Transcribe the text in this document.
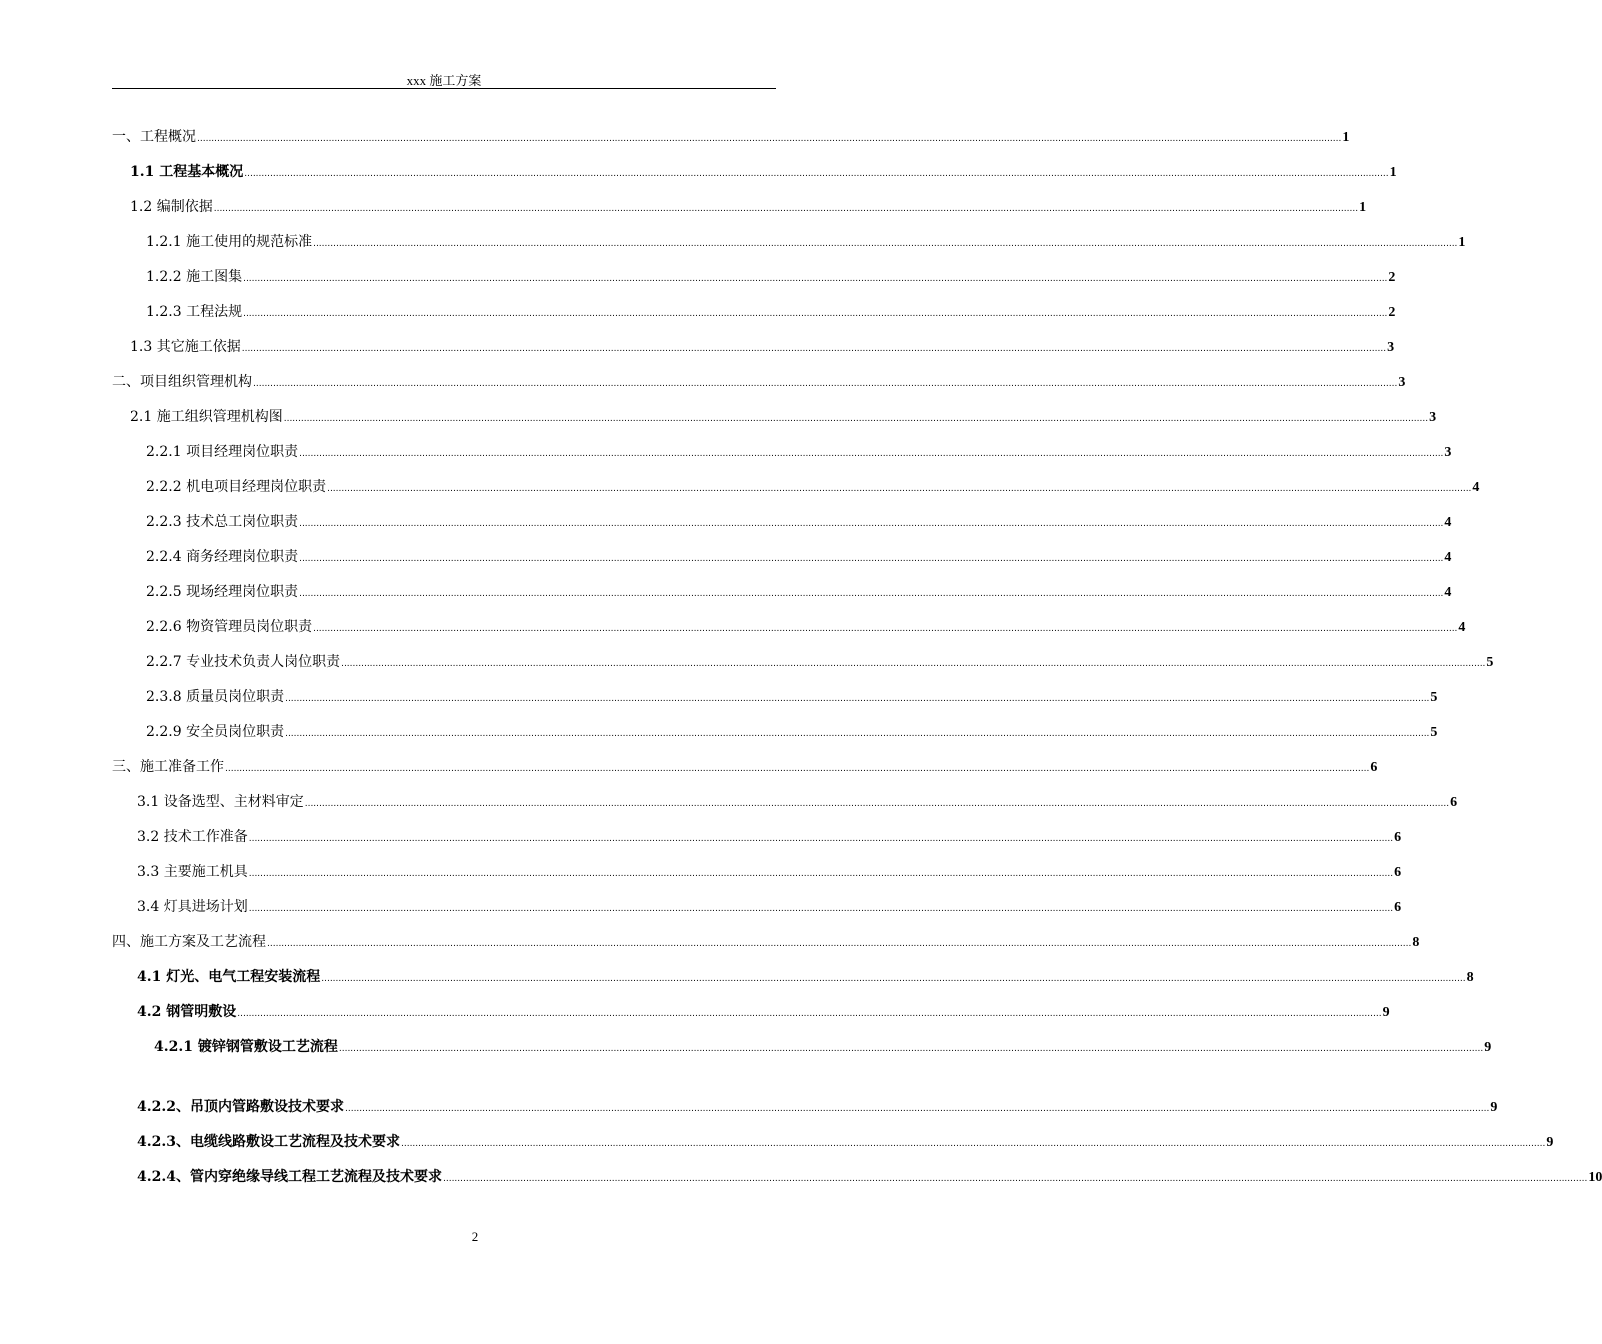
xxx 施工方案
一、工程概况 ................................................................................................................................................................................................................................................................................................................................................................................................................ 1
1.1 工程基本概况 ................................................................................................................................................................................................................................................................................................................................................................................................................ 1
1.2 编制依据 ................................................................................................................................................................................................................................................................................................................................................................................................................ 1
1.2.1 施工使用的规范标准 ................................................................................................................................................................................................................................................................................................................................................................................................................ 1
1.2.2 施工图集 ................................................................................................................................................................................................................................................................................................................................................................................................................ 2
1.2.3 工程法规 ................................................................................................................................................................................................................................................................................................................................................................................................................ 2
1.3 其它施工依据 ................................................................................................................................................................................................................................................................................................................................................................................................................ 3
二、项目组织管理机构 ................................................................................................................................................................................................................................................................................................................................................................................................................ 3
2.1 施工组织管理机构图 ................................................................................................................................................................................................................................................................................................................................................................................................................ 3
2.2.1 项目经理岗位职责 ................................................................................................................................................................................................................................................................................................................................................................................................................ 3
2.2.2 机电项目经理岗位职责 ................................................................................................................................................................................................................................................................................................................................................................................................................ 4
2.2.3 技术总工岗位职责 ................................................................................................................................................................................................................................................................................................................................................................................................................ 4
2.2.4 商务经理岗位职责 ................................................................................................................................................................................................................................................................................................................................................................................................................ 4
2.2.5 现场经理岗位职责 ................................................................................................................................................................................................................................................................................................................................................................................................................ 4
2.2.6 物资管理员岗位职责 ................................................................................................................................................................................................................................................................................................................................................................................................................ 4
2.2.7 专业技术负责人岗位职责 ................................................................................................................................................................................................................................................................................................................................................................................................................ 5
2.3.8 质量员岗位职责 ................................................................................................................................................................................................................................................................................................................................................................................................................ 5
2.2.9 安全员岗位职责 ................................................................................................................................................................................................................................................................................................................................................................................................................ 5
三、施工准备工作 ................................................................................................................................................................................................................................................................................................................................................................................................................ 6
3.1 设备选型、主材料审定 ................................................................................................................................................................................................................................................................................................................................................................................................................ 6
3.2 技术工作准备 ................................................................................................................................................................................................................................................................................................................................................................................................................ 6
3.3 主要施工机具 ................................................................................................................................................................................................................................................................................................................................................................................................................ 6
3.4 灯具进场计划 ................................................................................................................................................................................................................................................................................................................................................................................................................ 6
四、施工方案及工艺流程 ................................................................................................................................................................................................................................................................................................................................................................................................................ 8
4.1 灯光、电气工程安装流程 ................................................................................................................................................................................................................................................................................................................................................................................................................ 8
4.2 钢管明敷设 ................................................................................................................................................................................................................................................................................................................................................................................................................ 9
4.2.1 镀锌钢管敷设工艺流程 ................................................................................................................................................................................................................................................................................................................................................................................................................ 9
4.2.2、吊顶内管路敷设技术要求 ................................................................................................................................................................................................................................................................................................................................................................................................................ 9
4.2.3、电缆线路敷设工艺流程及技术要求 ................................................................................................................................................................................................................................................................................................................................................................................................................ 9
4.2.4、管内穿绝缘导线工程工艺流程及技术要求 ................................................................................................................................................................................................................................................................................................................................................................................................................ 10
2
